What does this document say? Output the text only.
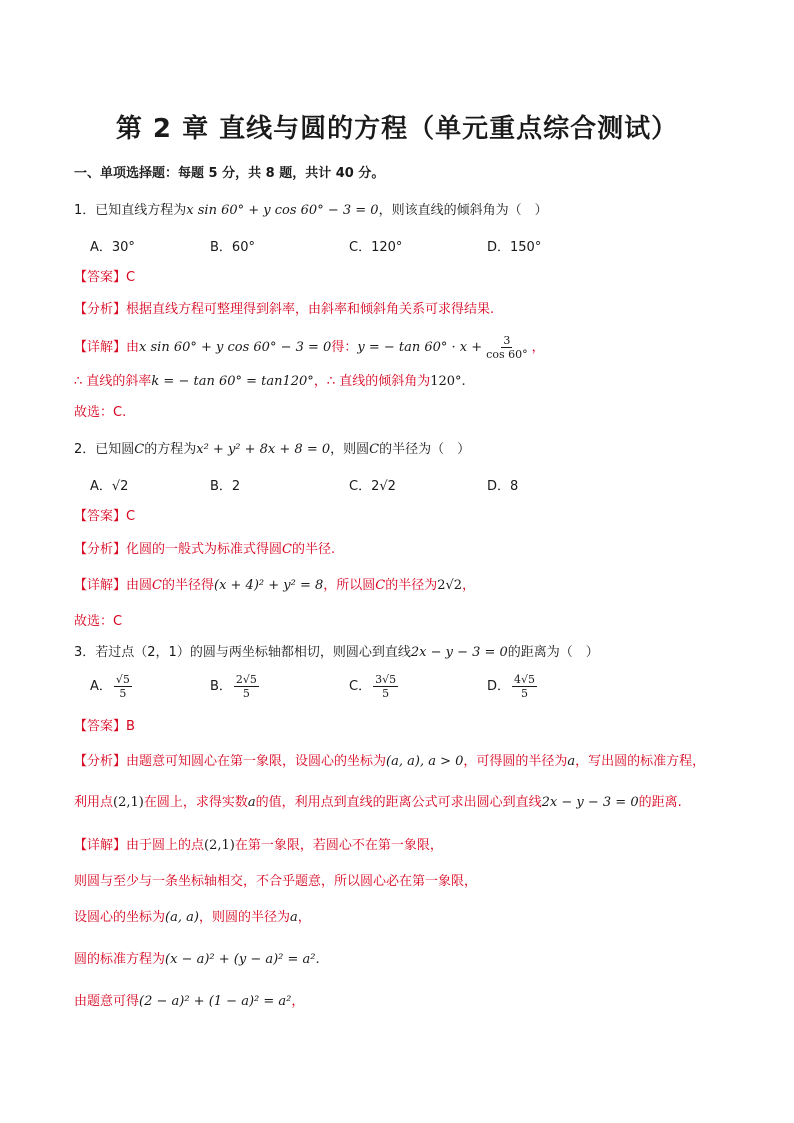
第 2 章 直线与圆的方程（单元重点综合测试）
一、单项选择题：每题 5 分，共 8 题，共计 40 分。
1．已知直线方程为x sin 60° + y cos 60° − 3 = 0，则该直线的倾斜角为（　）
A．30°	B．60°	C．120°	D．150°
【答案】C
【分析】根据直线方程可整理得到斜率，由斜率和倾斜角关系可求得结果.
【详解】由x sin 60° + y cos 60° − 3 = 0得：y = − $\tan 60^\circ \cdot x + \frac{3}{\cos 60^\circ}$ ，
∴ 直线的斜率k = − tan 60° = tan120°，∴ 直线的倾斜角为120°.
故选：C.
2．已知圆C的方程为x² + y² + 8x + 8 = 0，则圆C的半径为（　）
A．√2	B．2	C．2√2	D．8
【答案】C
【分析】化圆的一般式为标准式得圆C的半径.
【详解】由圆C的半径得(x + 4)² + y² = 8，所以圆C的半径为2√2，
故选：C
3．若过点（2，1）的圆与两坐标轴都相切，则圆心到直线2x − y − 3 = 0的距离为（　）
A． $\frac{√5}{5}$	B． $\frac{2√5}{5}$	C． $\frac{3√5}{5}$	D． $\frac{4√5}{5}$
【答案】B
【分析】由题意可知圆心在第一象限，设圆心的坐标为(a, a), a > 0，可得圆的半径为a，写出圆的标准方程，
利用点(2,1)在圆上，求得实数a的值，利用点到直线的距离公式可求出圆心到直线2x − y − 3 = 0的距离.
【详解】由于圆上的点(2,1)在第一象限，若圆心不在第一象限，
则圆与至少与一条坐标轴相交，不合乎题意，所以圆心必在第一象限，
设圆心的坐标为(a, a)，则圆的半径为a，
圆的标准方程为(x − a)² + (y − a)² = a².
由题意可得(2 − a)² + (1 − a)² = a²，
